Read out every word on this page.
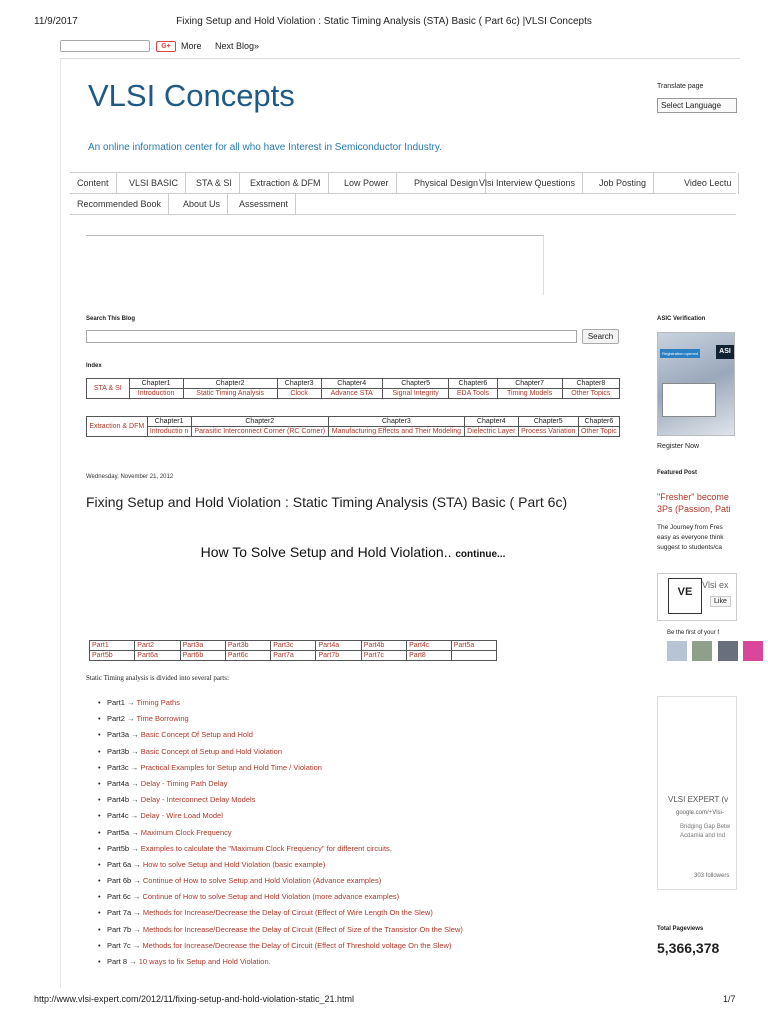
11/9/2017	Fixing Setup and Hold Violation : Static Timing Analysis (STA) Basic ( Part 6c) |VLSI Concepts
G+	More Next Blog»
VLSI Concepts
An online information center for all who have Interest in Semiconductor Industry.
Translate page
Select Language
Content	VLSI BASIC	STA & SI	Extraction & DFM	Low Power	Physical Design Vlsi Interview Questions	Job Posting	Video Lectu
Recommended Book	About Us	Assessment
Search This Blog
Search
Index
STA & SI	Chapter1	Chapter2	Chapter3	Chapter4	Chapter5	Chapter6	Chapter7	Chapter8
	Introduction	Static Timing Analysis	Clock	Advance STA	Signal Integrity	EDA Tools	Timing Models	Other Topics
Extraction & DFM	Chapter1	Chapter2	Chapter3	Chapter4	Chapter5	Chapter6
	Introductio n	Parasitic Interconnect Corner (RC Corner)	Manufacturing Effects and Their Modeling	Dielectric Layer	Process Variation	Other Topic
Wednesday, November 21, 2012
Fixing Setup and Hold Violation : Static Timing Analysis (STA) Basic ( Part 6c)
How To Solve Setup and Hold Violation.. continue...
Part1	Part2	Part3a	Part3b	Part3c	Part4a	Part4b	Part4c	Part5a
Part5b	Part6a	Part6b	Part6c	Part7a	Part7b	Part7c	Part8	
Static Timing analysis is divided into several parts:
• Part1 → Timing Paths
• Part2 → Time Borrowing
• Part3a → Basic Concept Of Setup and Hold
• Part3b → Basic Concept of Setup and Hold Violation
• Part3c → Practical Examples for Setup and Hold Time / Violation
• Part4a → Delay - Timing Path Delay
• Part4b → Delay - Interconnect Delay Models
• Part4c → Delay - Wire Load Model
• Part5a → Maximum Clock Frequency
• Part5b → Examples to calculate the "Maximum Clock Frequency" for different circuits.
• Part 6a → How to solve Setup and Hold Violation (basic example)
• Part 6b → Continue of How to solve Setup and Hold Violation (Advance examples)
• Part 6c → Continue of How to solve Setup and Hold Violation (more advance examples)
• Part 7a → Methods for Increase/Decrease the Delay of Circuit (Effect of Wire Length On the Slew)
• Part 7b → Methods for Increase/Decrease the Delay of Circuit (Effect of Size of the Transistor On the Slew)
• Part 7c → Methods for Increase/Decrease the Delay of Circuit (Effect of Threshold voltage On the Slew)
• Part 8 → 10 ways to fix Setup and Hold Violation.
ASIC Verification
Registration opened	ASI
Register Now
Featured Post
"Fresher" become
3Ps (Passion, Pati
The Journey from Fres
easy as everyone think
suggest to students/ca
VE
Vlsi ex
Like
Be the first of your f

VLSI EXPERT (v
google.com/+Vlsi-
Bridging Gap Betw
Acdamia and Ind
303 followers
Total Pageviews
5,366,378
http://www.vlsi-expert.com/2012/11/fixing-setup-and-hold-violation-static_21.html	1/7
